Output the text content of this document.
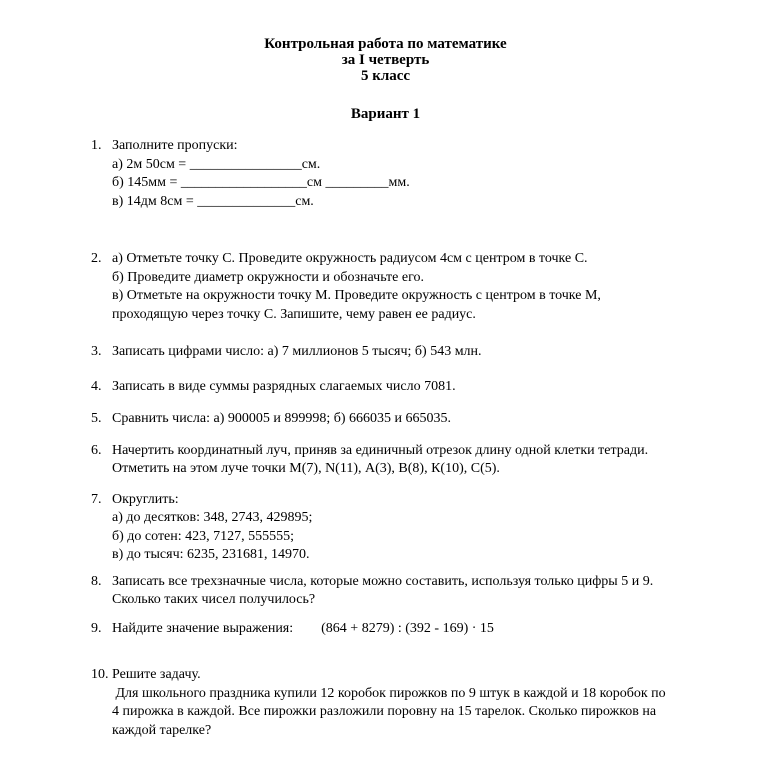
Контрольная работа по математике
за I четверть
5 класс
Вариант 1
1. Заполните пропуски:
а) 2м 50см = ________________см.
б) 145мм = __________________см _________мм.
в) 14дм 8см = ______________см.
2. а) Отметьте точку С. Проведите окружность радиусом 4см с центром в точке С.
б) Проведите диаметр окружности и обозначьте его.
в) Отметьте на окружности точку М. Проведите окружность с центром в точке М,
проходящую через точку С. Запишите, чему равен ее радиус.
3. Записать цифрами число: а) 7 миллионов 5 тысяч; б) 543 млн.
4. Записать в виде суммы разрядных слагаемых число 7081.
5. Сравнить числа: а) 900005 и 899998; б) 666035 и 665035.
6. Начертить координатный луч, приняв за единичный отрезок длину одной клетки тетради.
Отметить на этом луче точки М(7), N(11), А(3), В(8), К(10), С(5).
7. Округлить:
а) до десятков: 348, 2743, 429895;
б) до сотен: 423, 7127, 555555;
в) до тысяч: 6235, 231681, 14970.
8. Записать все трехзначные числа, которые можно составить, используя только цифры 5 и 9.
Сколько таких чисел получилось?
9. Найдите значение выражения:        (864 + 8279) : (392 - 169) · 15
10. Решите задачу.
Для школьного праздника купили 12 коробок пирожков по 9 штук в каждой и 18 коробок по
4 пирожка в каждой. Все пирожки разложили поровну на 15 тарелок. Сколько пирожков на
каждой тарелке?
